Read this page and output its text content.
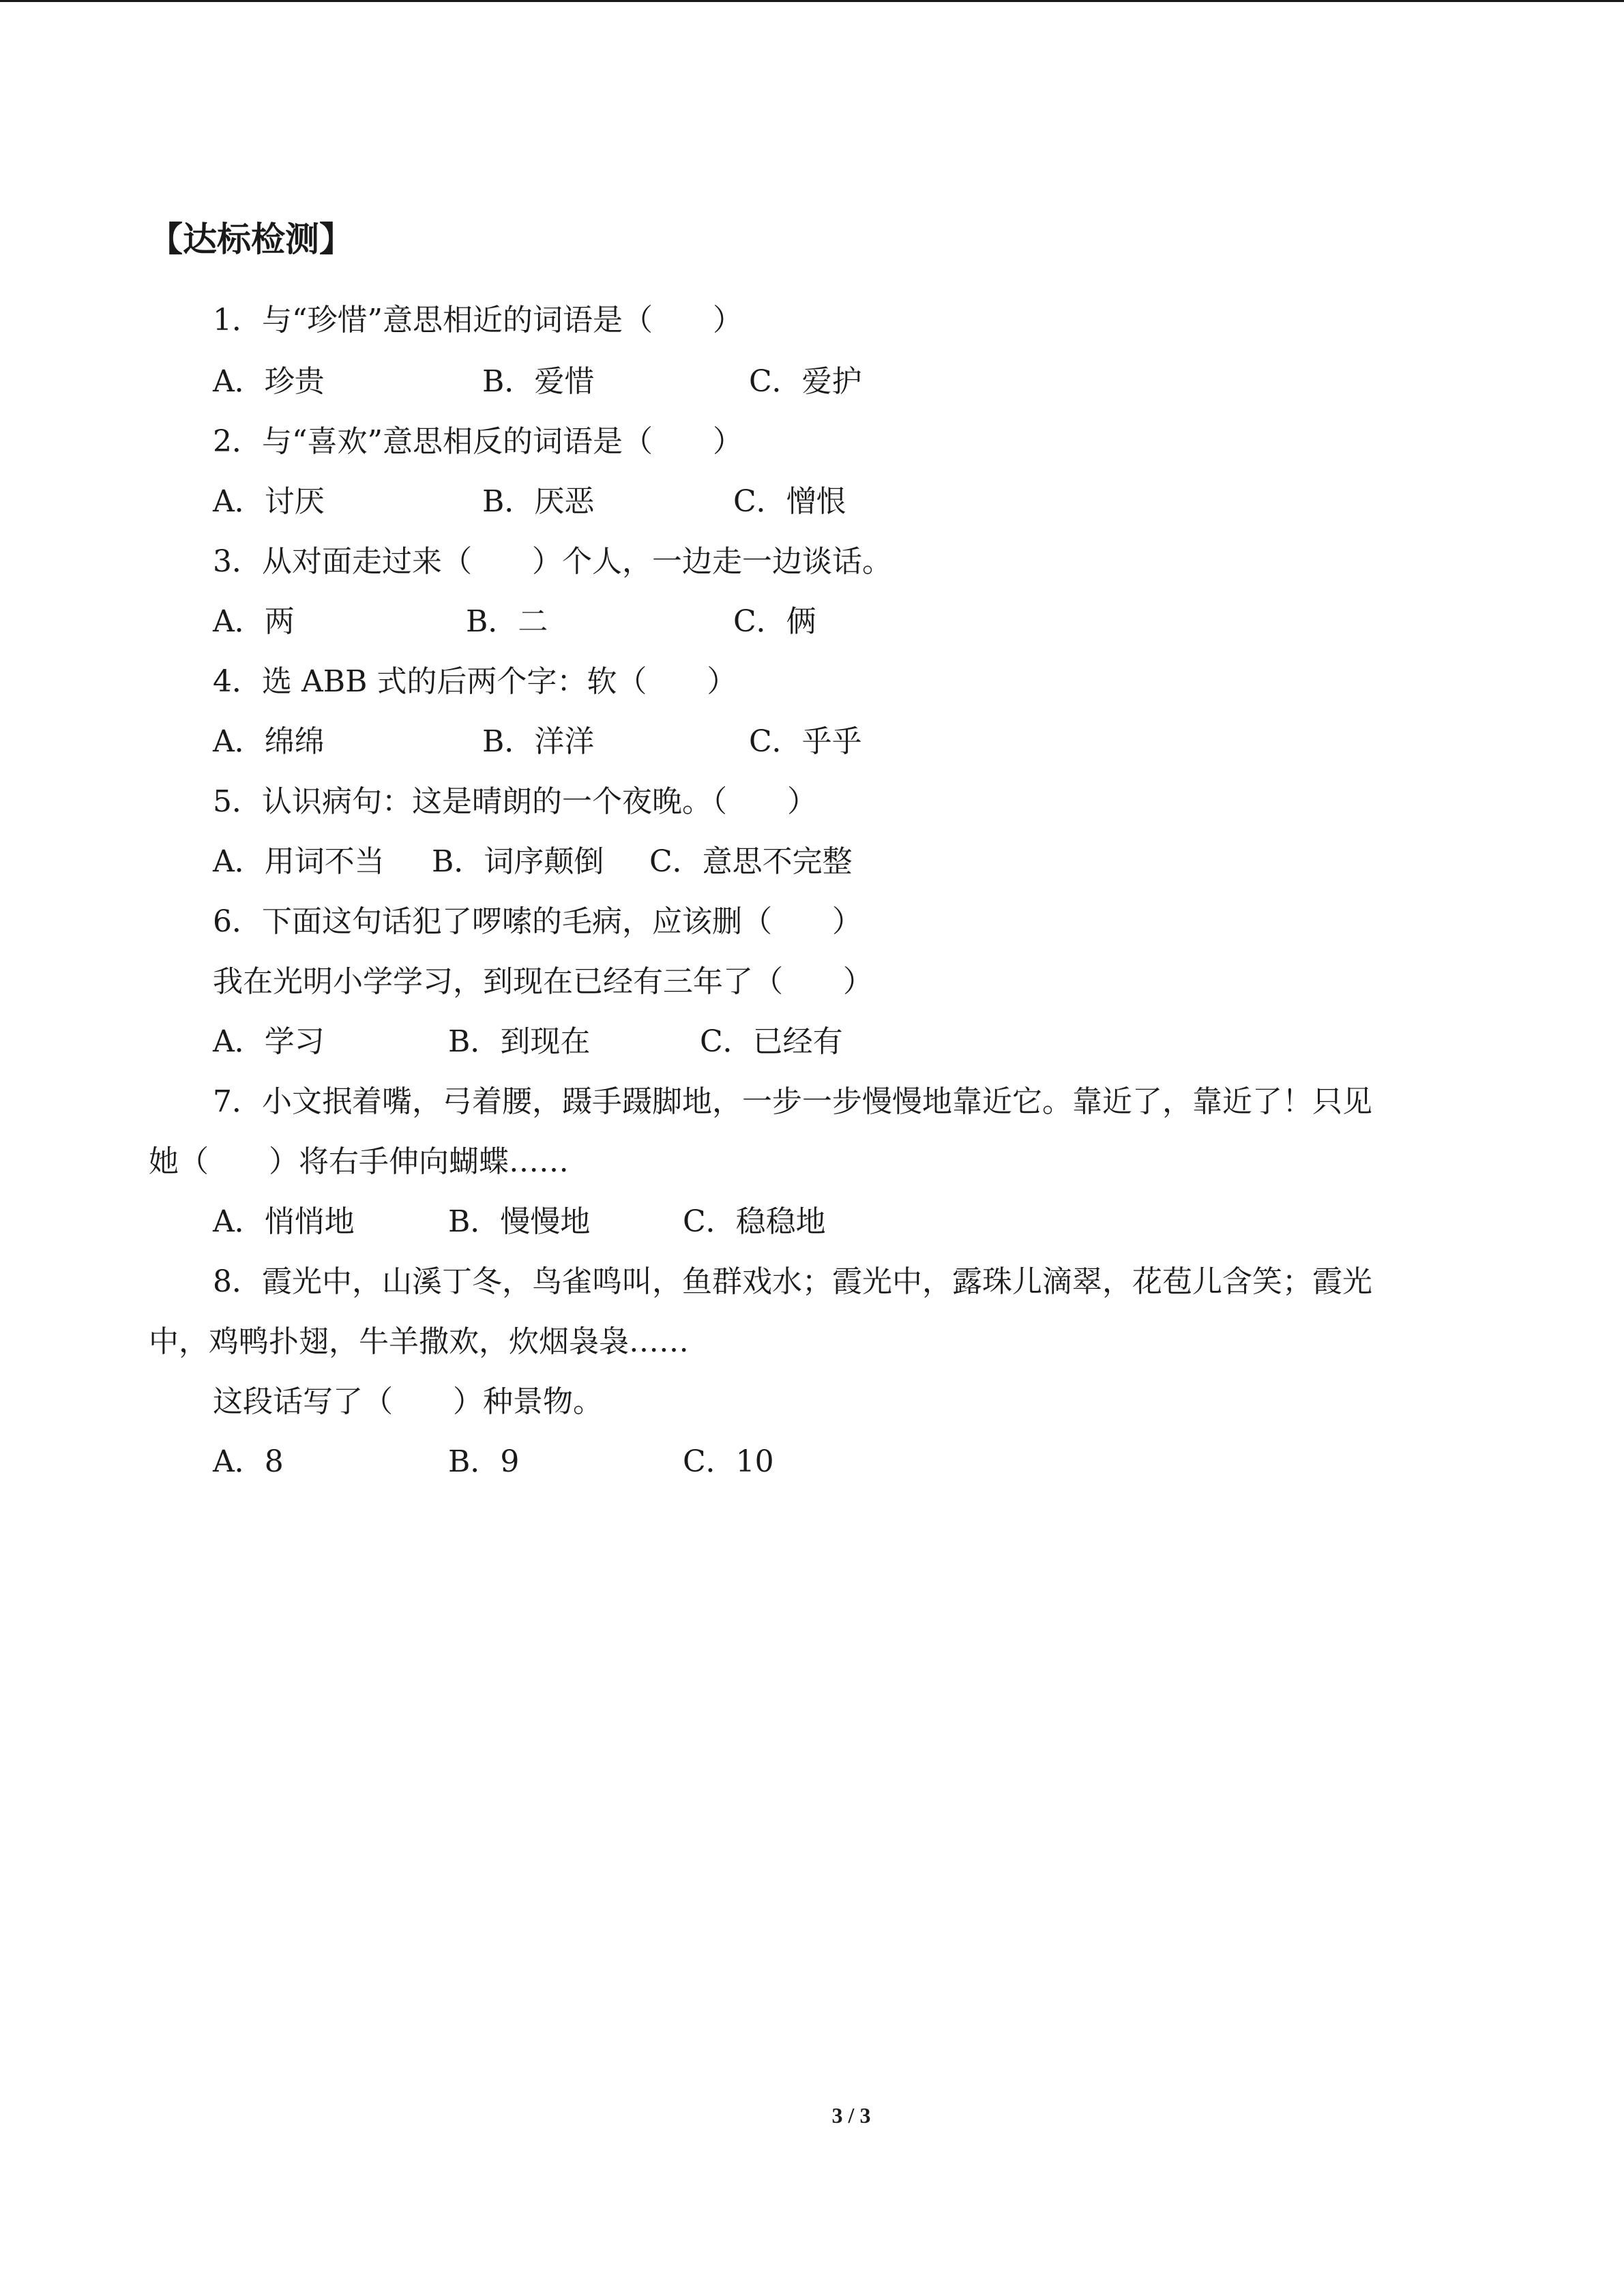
【达标检测】
1．与“珍惜”意思相近的词语是（　　）
A．珍贵	B．爱惜	C．爱护
2．与“喜欢”意思相反的词语是（　　）
A．讨厌	B．厌恶	C．憎恨
3．从对面走过来（　　）个人，一边走一边谈话。
A．两	B．二	C．俩
4．选 ABB 式的后两个字：软（　　）
A．绵绵	B．洋洋	C．乎乎
5．认识病句：这是晴朗的一个夜晚。（　　）
A．用词不当 B．词序颠倒 C．意思不完整
6．下面这句话犯了啰嗦的毛病，应该删（　　）
我在光明小学学习，到现在已经有三年了（　　）
A．学习	B．到现在	C．已经有
7．小文抿着嘴，弓着腰，蹑手蹑脚地，一步一步慢慢地靠近它。靠近了，靠近了！只见
她（　　）将右手伸向蝴蝶……
A．悄悄地	B．慢慢地	C．稳稳地
8．霞光中，山溪丁冬，鸟雀鸣叫，鱼群戏水；霞光中，露珠儿滴翠，花苞儿含笑；霞光
中，鸡鸭扑翅，牛羊撒欢，炊烟袅袅……
这段话写了（　　）种景物。
A．8	B．9	C．10
3 / 3
